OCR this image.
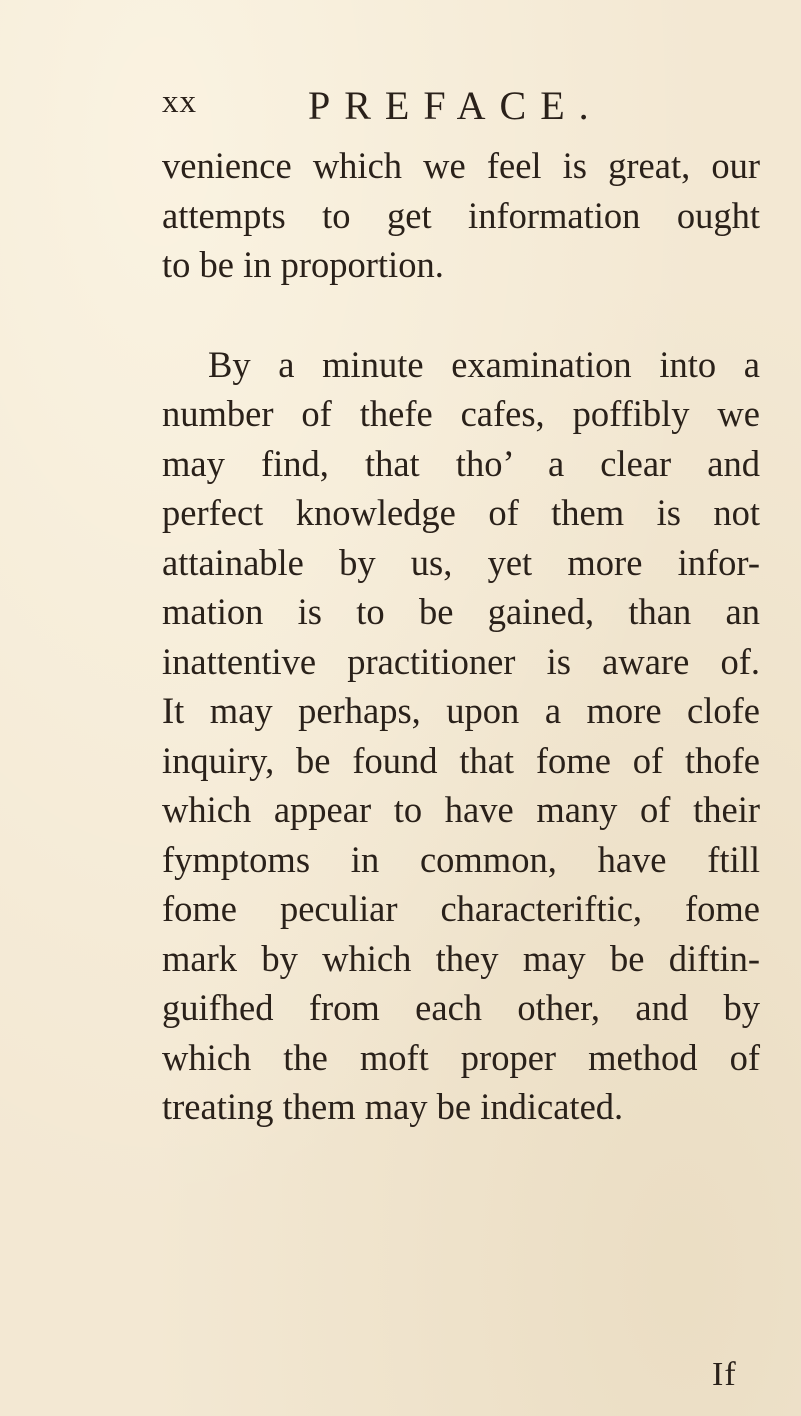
xx	PREFACE.
venience which we feel is great, our
attempts to get information ought
to be in proportion.
By a minute examination into a
number of thefe cafes, poffibly we
may find, that tho’ a clear and
perfect knowledge of them is not
attainable by us, yet more infor-
mation is to be gained, than an
inattentive practitioner is aware of.
It may perhaps, upon a more clofe
inquiry, be found that fome of thofe
which appear to have many of their
fymptoms in common, have ftill
fome peculiar characteriftic, fome
mark by which they may be diftin-
guifhed from each other, and by
which the moft proper method of
treating them may be indicated.
If
